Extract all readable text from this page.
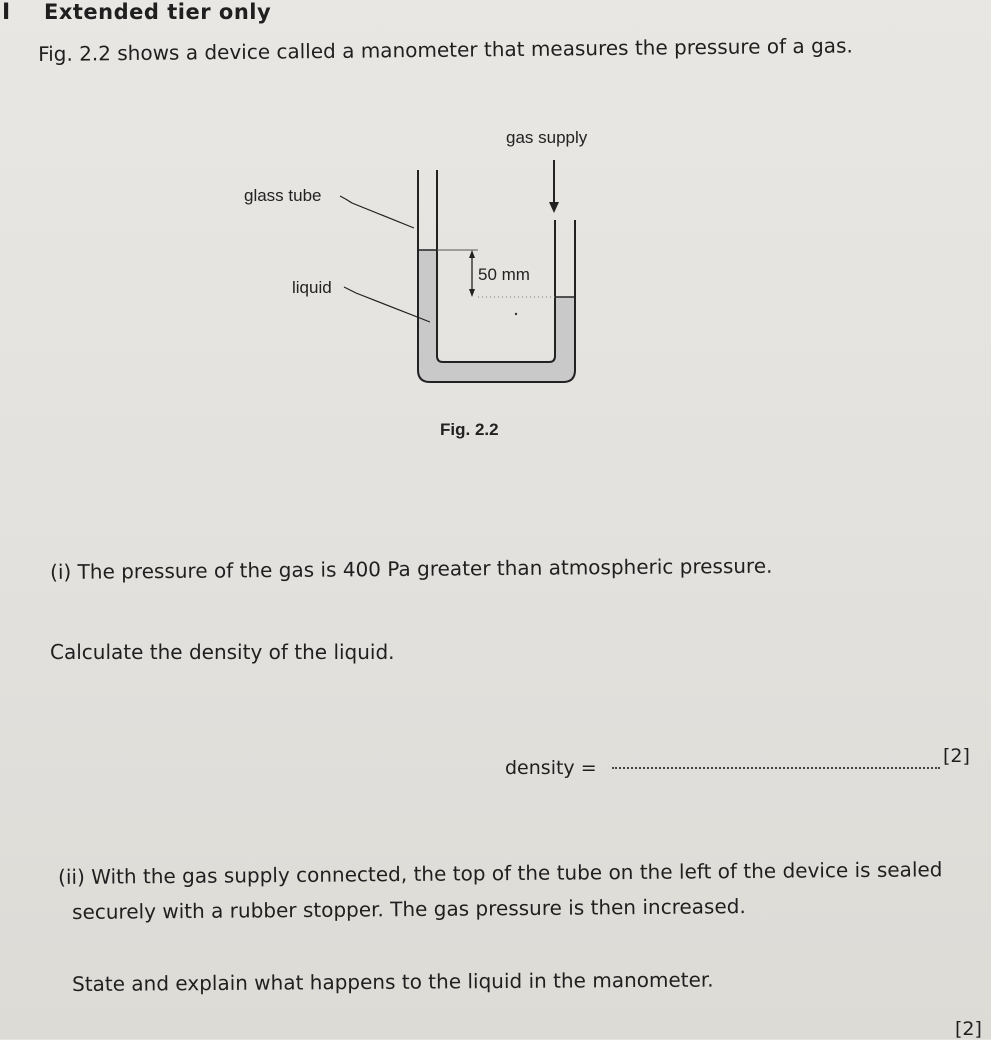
I Extended tier only
Fig. 2.2 shows a device called a manometer that measures the pressure of a gas.
gas supply
glass tube
liquid
50 mm
Fig. 2.2
(i) The pressure of the gas is 400 Pa greater than atmospheric pressure.
Calculate the density of the liquid.
density =
[2]
(ii) With the gas supply connected, the top of the tube on the left of the device is sealed
securely with a rubber stopper. The gas pressure is then increased.
State and explain what happens to the liquid in the manometer.
[2]
